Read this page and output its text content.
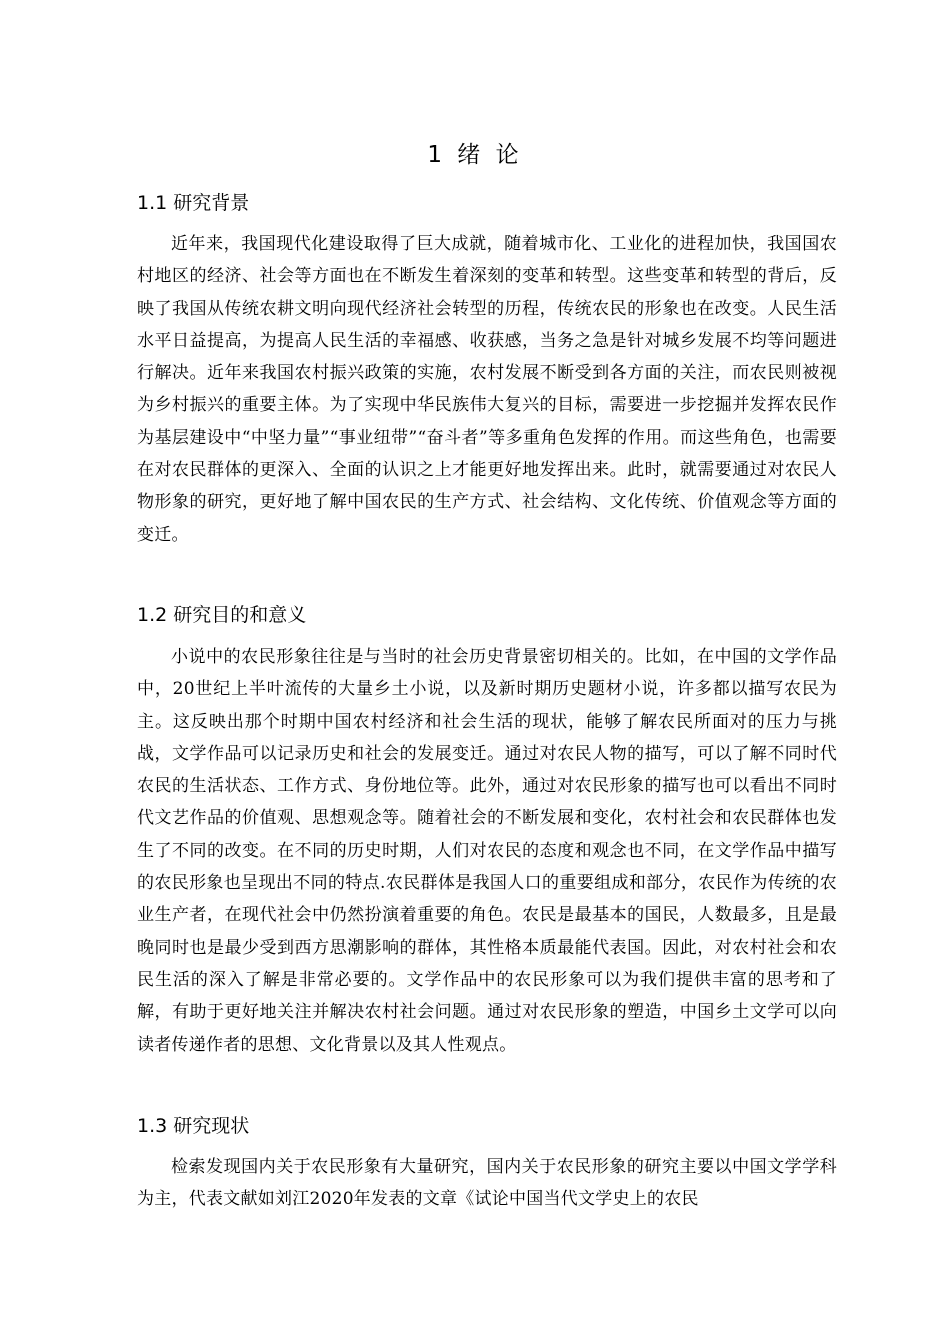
1 绪 论
1.1 研究背景

近年来，我国现代化建设取得了巨大成就，随着城市化、工业化的进程加快，我国国农村地区的经济、社会等方面也在不断发生着深刻的变革和转型。这些变革和转型的背后，反映了我国从传统农耕文明向现代经济社会转型的历程，传统农民的形象也在改变。人民生活水平日益提高，为提高人民生活的幸福感、收获感，当务之急是针对城乡发展不均等问题进行解决。近年来我国农村振兴政策的实施，农村发展不断受到各方面的关注，而农民则被视为乡村振兴的重要主体。为了实现中华民族伟大复兴的目标，需要进一步挖掘并发挥农民作为基层建设中“中坚力量”“事业纽带”“奋斗者”等多重角色发挥的作用。而这些角色，也需要在对农民群体的更深入、全面的认识之上才能更好地发挥出来。此时，就需要通过对农民人物形象的研究，更好地了解中国农民的生产方式、社会结构、文化传统、价值观念等方面的变迁。

1.2 研究目的和意义

小说中的农民形象往往是与当时的社会历史背景密切相关的。比如，在中国的文学作品中，20世纪上半叶流传的大量乡土小说，以及新时期历史题材小说，许多都以描写农民为主。这反映出那个时期中国农村经济和社会生活的现状，能够了解农民所面对的压力与挑战，文学作品可以记录历史和社会的发展变迁。通过对农民人物的描写，可以了解不同时代农民的生活状态、工作方式、身份地位等。此外，通过对农民形象的描写也可以看出不同时代文艺作品的价值观、思想观念等。随着社会的不断发展和变化，农村社会和农民群体也发生了不同的改变。在不同的历史时期，人们对农民的态度和观念也不同，在文学作品中描写的农民形象也呈现出不同的特点.农民群体是我国人口的重要组成和部分，农民作为传统的农业生产者，在现代社会中仍然扮演着重要的角色。农民是最基本的国民，人数最多，且是最晚同时也是最少受到西方思潮影响的群体，其性格本质最能代表国。因此，对农村社会和农民生活的深入了解是非常必要的。文学作品中的农民形象可以为我们提供丰富的思考和了解，有助于更好地关注并解决农村社会问题。通过对农民形象的塑造，中国乡土文学可以向读者传递作者的思想、文化背景以及其人性观点。

1.3 研究现状

检索发现国内关于农民形象有大量研究，国内关于农民形象的研究主要以中国文学学科为主，代表文献如刘江2020年发表的文章《试论中国当代文学史上的农民
